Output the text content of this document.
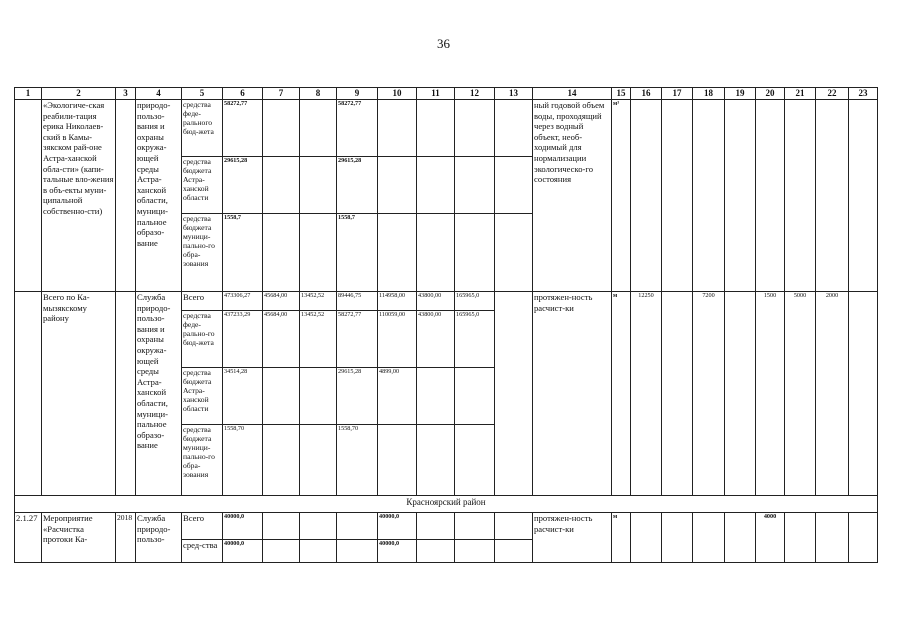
36
1	2	3	4	5	6	7	8	9	10	11	12	13	14	15	16	17	18	19	20	21	22	23
	«Экологиче-ская реабили-тация ерика Николаев-ский в Камы-зякском рай-оне Астра-ханской обла-сти» (капи-тальные вло-жения в объ-екты муни-ципальной собственно-сти)		природо-пользо-вания и охраны окружа-ющей среды Астра-ханской области, муници-пальное образо-вание	средства феде-рального бюд-жета	58272,77			58272,77					ный годовой объем воды, проходящий через водный объект, необ-ходимый для нормализации экологическо-го состояния	м³								
				средства бюджета Астра-ханской области	29615,28			29615,28														
				средства бюджета муници-пально-го обра-зования	1558,7			1558,7														
	Всего по Ка-мызякскому району		Служба природо-пользо-вания и охраны окружа-ющей среды Астра-ханской области, муници-пальное образо-вание	Всего	473306,27	45684,00	13452,52	89446,75	114958,00	43800,00	165965,0		протяжен-ность расчист-ки	м	12250		7200		1500	5000	2000	
				средства феде-рально-го бюд-жета	437233,29	45684,00	13452,52	58272,77	110059,00	43800,00	165965,0											
				средства бюджета Астра-ханской области	34514,28			29615,28	4899,00													
				средства бюджета муници-пально-го обра-зования	1558,70			1558,70														
Красноярский район																						
2.1.27	Мероприятие «Расчистка протоки Ка-	2018	Служба природо-пользо-	Всего	40000,0				40000,0				протяжен-ность расчист-ки	м					4000			
				сред-ства	40000,0				40000,0													
